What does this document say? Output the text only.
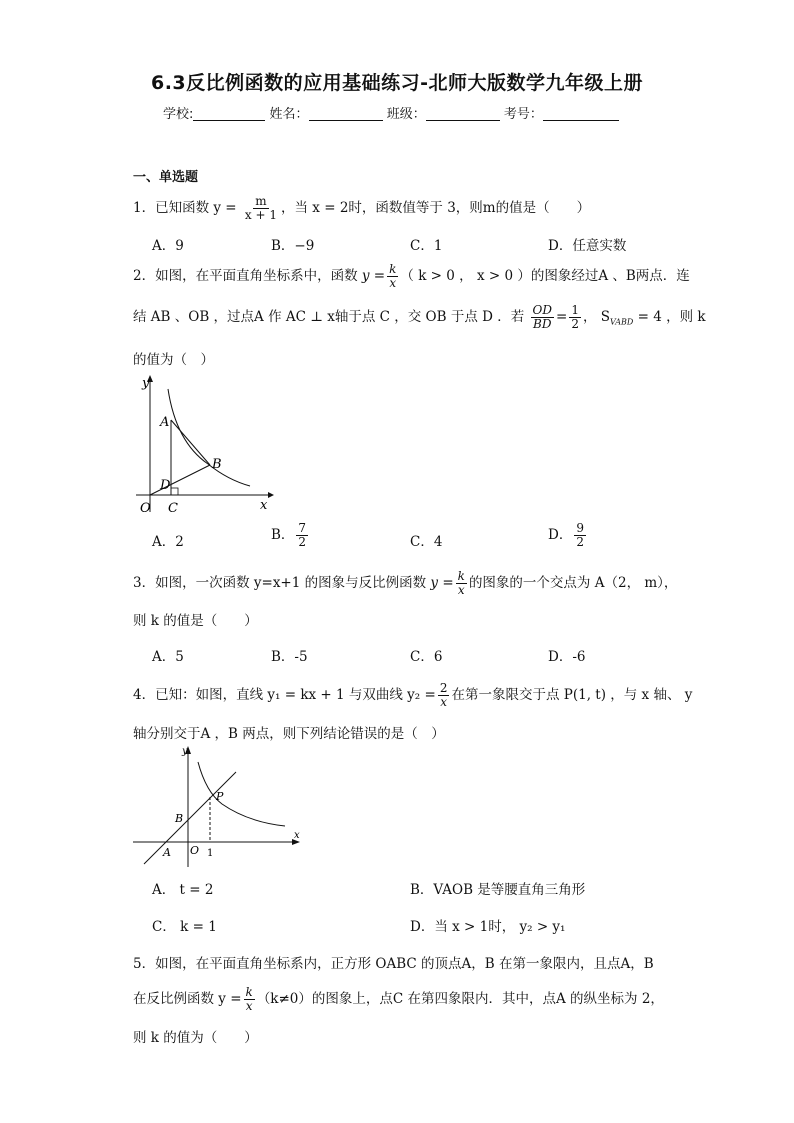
6.3反比例函数的应用基础练习-北师大版数学九年级上册
学校:	姓名：	班级：	考号：
一、单选题
1．已知函数 $y = \frac{m}{x + 1}$ ，当 x = 2时，函数值等于 3，则m的值是（　　）
A．9	B．−9	C．1	D．任意实数
2．如图，在平面直角坐标系中，函数 $y = \frac{k}{x}$ （ k > 0 ， x > 0 ）的图象经过A 、B两点．连
结 AB 、OB ，过点A 作 AC ⊥ x轴于点 C ，交 OB 于点 D ．若 $\frac{OD}{BD} = \frac{1}{2}$ ， $S_{VABD} = 4$ ，则 k
的值为（　）
y
x
A
B
D
O C
A．2	B． $\frac{7}{2}$	C．4	D． $\frac{9}{2}$
3．如图，一次函数 y=x+1 的图象与反比例函数 $y = \frac{k}{x}$ 的图象的一个交点为 A（2， m），
则 k 的值是（　　）
A．5	B．-5	C．6	D．-6
4．已知：如图，直线 y₁ = kx + 1 与双曲线 $y_2 = \frac{2}{x}$ 在第一象限交于点 P(1, t) ，与 x 轴、 y
轴分别交于A ，B 两点，则下列结论错误的是（　）
y
x
P
B
A O 1
A． t = 2	B．VAOB 是等腰直角三角形
C． k = 1	D．当 x > 1时， y₂ > y₁
5．如图，在平面直角坐标系内，正方形 OABC 的顶点A，B 在第一象限内，且点A，B
在反比例函数 $y = \frac{k}{x} (k\ne 0)$的图象上，点C 在第四象限内．其中，点A 的纵坐标为 2，
则 k 的值为（　　）
